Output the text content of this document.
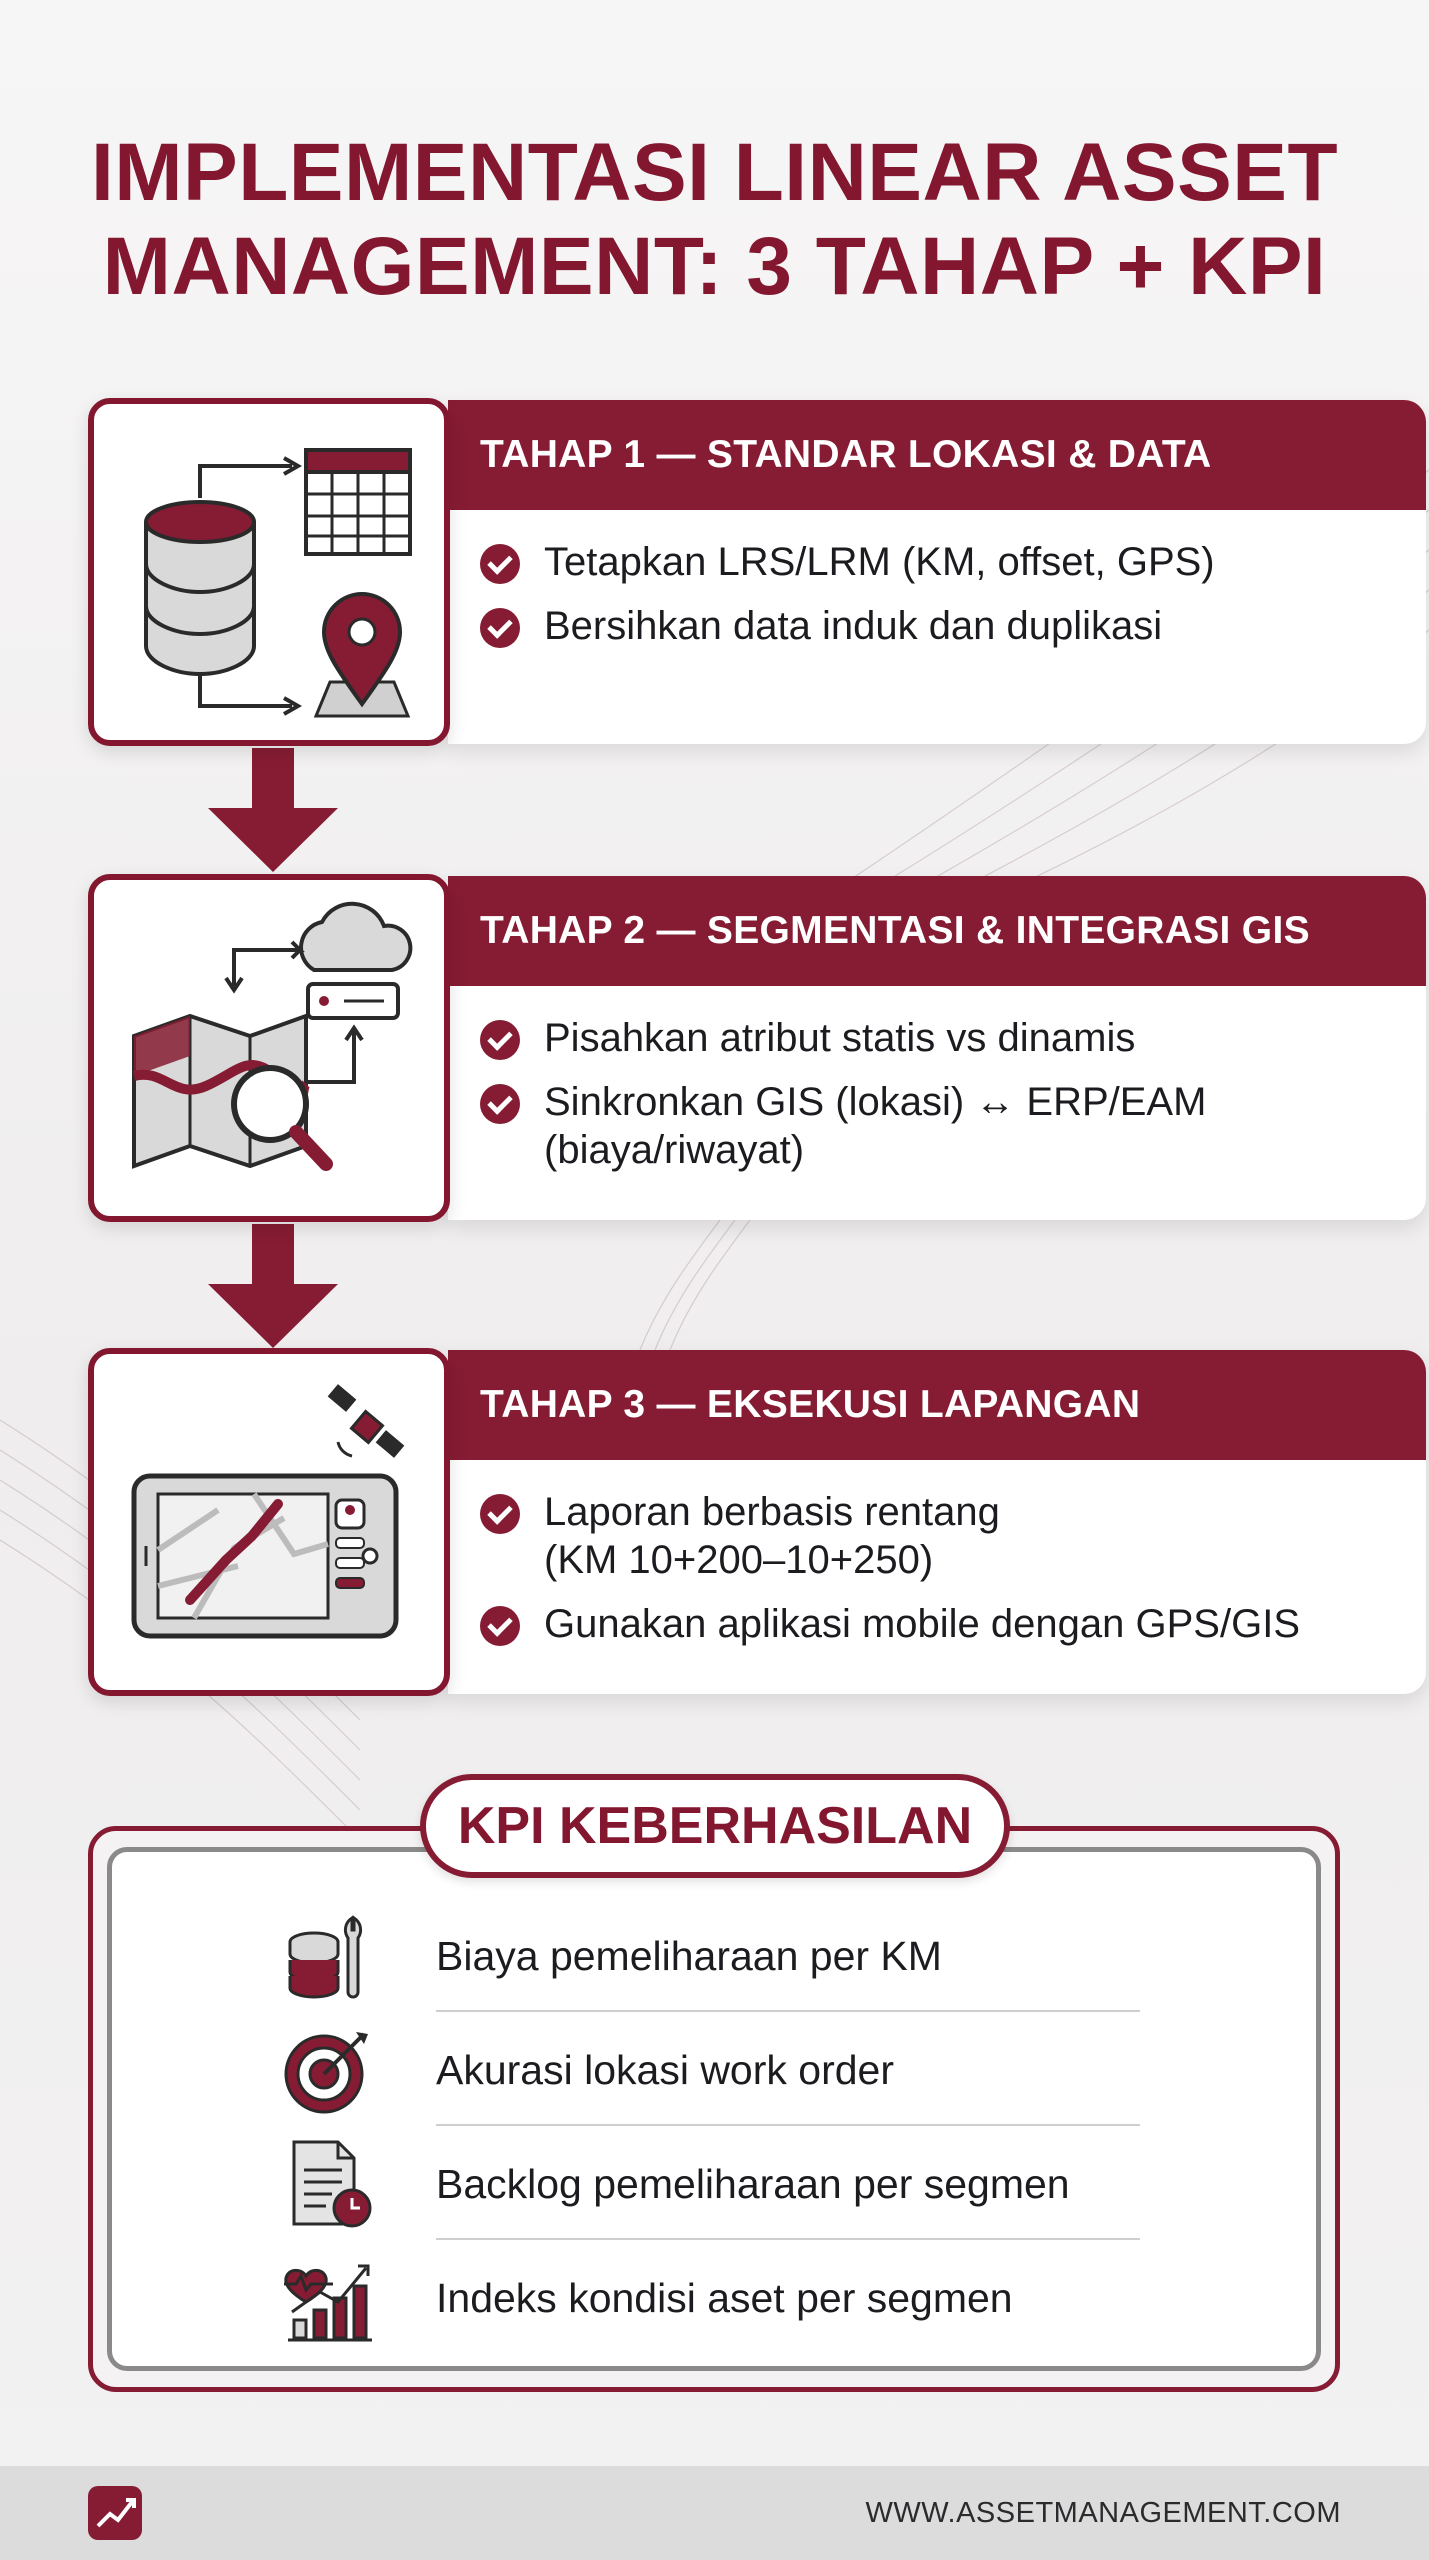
IMPLEMENTASI LINEAR ASSET
MANAGEMENT: 3 TAHAP + KPI
TAHAP 1 — STANDAR LOKASI & DATA
Tetapkan LRS/LRM (KM, offset, GPS)
Bersihkan data induk dan duplikasi
TAHAP 2 — SEGMENTASI & INTEGRASI GIS
Pisahkan atribut statis vs dinamis
Sinkronkan GIS (lokasi) ↔ ERP/EAM
(biaya/riwayat)
TAHAP 3 — EKSEKUSI LAPANGAN
Laporan berbasis rentang
(KM 10+200–10+250)
Gunakan aplikasi mobile dengan GPS/GIS
KPI KEBERHASILAN
Biaya pemeliharaan per KM
Akurasi lokasi work order
Backlog pemeliharaan per segmen
Indeks kondisi aset per segmen
WWW.ASSETMANAGEMENT.COM
